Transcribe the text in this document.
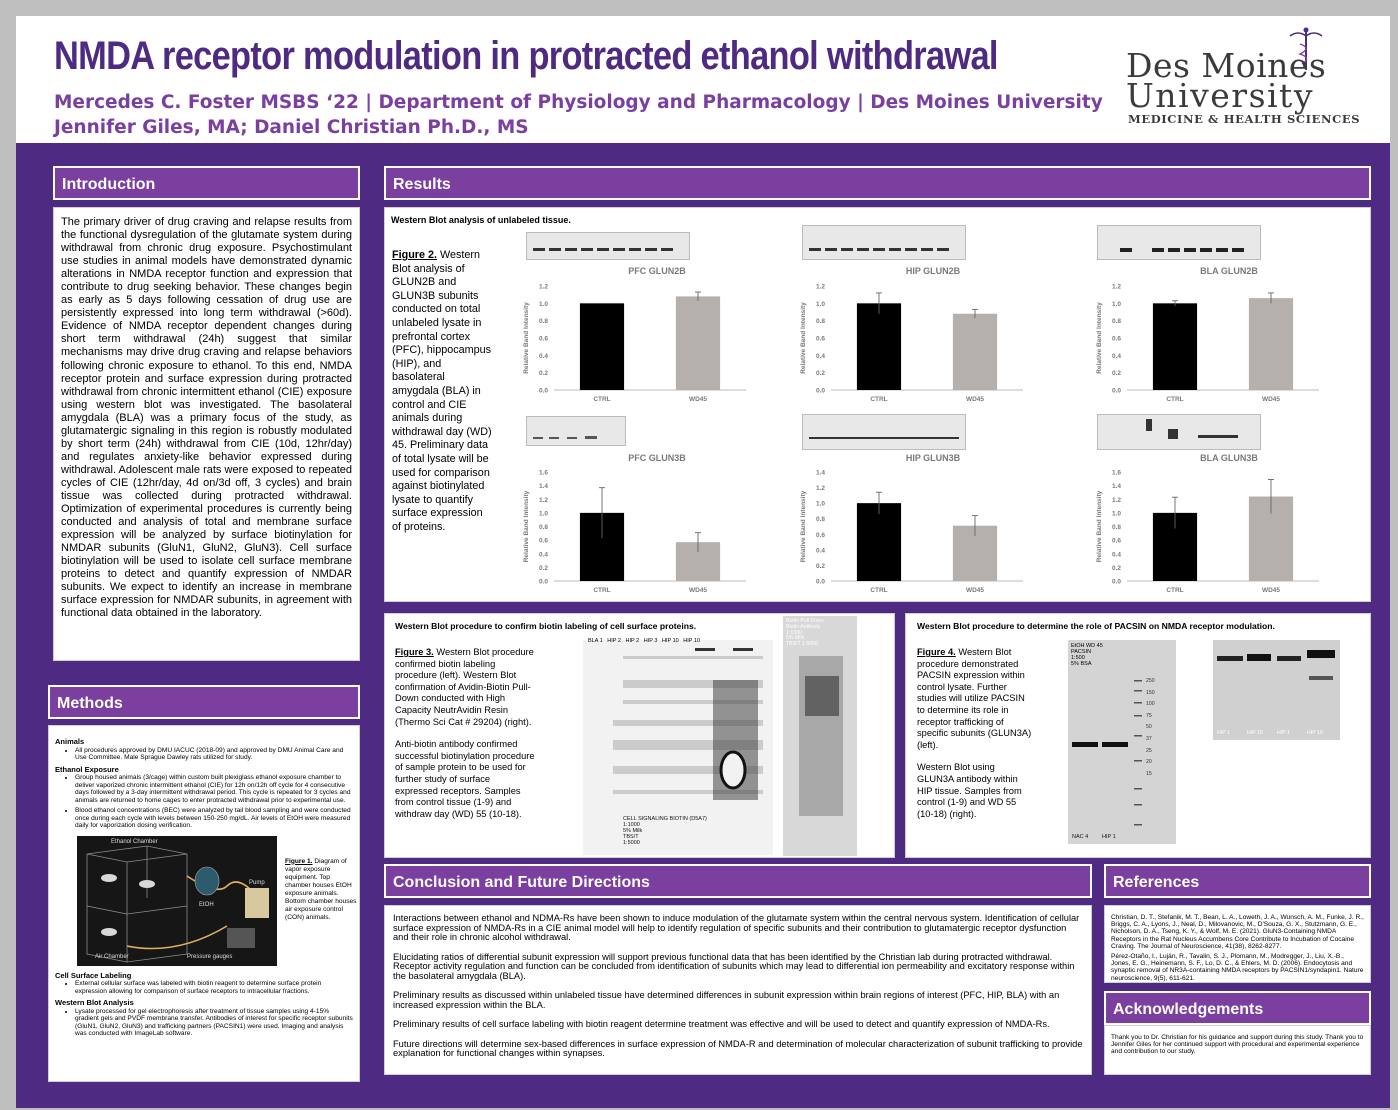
NMDA receptor modulation in protracted ethanol withdrawal
Mercedes C. Foster MSBS ‘22 | Department of Physiology and Pharmacology | Des Moines University
Jennifer Giles, MA; Daniel Christian Ph.D., MS
Des Moines
University
MEDICINE & HEALTH SCIENCES
Introduction
The primary driver of drug craving and relapse results from the functional dysregulation of the glutamate system during withdrawal from chronic drug exposure. Psychostimulant use studies in animal models have demonstrated dynamic alterations in NMDA receptor function and expression that contribute to drug seeking behavior. These changes begin as early as 5 days following cessation of drug use are persistently expressed into long term withdrawal (>60d). Evidence of NMDA receptor dependent changes during short term withdrawal (24h) suggest that similar mechanisms may drive drug craving and relapse behaviors following chronic exposure to ethanol. To this end, NMDA receptor protein and surface expression during protracted withdrawal from chronic intermittent ethanol (CIE) exposure using western blot was investigated. The basolateral amygdala (BLA) was a primary focus of the study, as glutamatergic signaling in this region is robustly modulated by short term (24h) withdrawal from CIE (10d, 12hr/day) and regulates anxiety-like behavior expressed during withdrawal. Adolescent male rats were exposed to repeated cycles of CIE (12hr/day, 4d on/3d off, 3 cycles) and brain tissue was collected during protracted withdrawal. Optimization of experimental procedures is currently being conducted and analysis of total and membrane surface expression will be analyzed by surface biotinylation for NMDAR subunits (GluN1, GluN2, GluN3). Cell surface biotinylation will be used to isolate cell surface membrane proteins to detect and quantify expression of NMDAR subunits. We expect to identify an increase in membrane surface expression for NMDAR subunits, in agreement with functional data obtained in the laboratory.
Methods
Animals
• All procedures approved by DMU IACUC (2018-09) and approved by DMU Animal Care and Use Committee. Male Sprague Dawley rats utilized for study.
Ethanol Exposure
• Group housed animals (3/cage) within custom built plexiglass ethanol exposure chamber to deliver vaporized chronic intermittent ethanol (CIE) for 12h on/12h off cycle for 4 consecutive days followed by a 3-day intermittent withdrawal period. This cycle is repeated for 3 cycles and animals are returned to home cages to enter protracted withdrawal prior to experimental use.
• Blood ethanol concentrations (BEC) were analyzed by tail blood sampling and were conducted once during each cycle with levels between 150-250 mg/dL. Air levels of EtOH were measured daily for vaporization dosing verification.
Ethanol Chamber
EtOH
Pump
Air Chamber	Pressure gauges
Figure 1. Diagram of vapor exposure equipment. Top chamber houses EtOH exposure animals. Bottom chamber houses air exposure control (CON) animals.
Cell Surface Labeling
• External cellular surface was labeled with biotin reagent to determine surface protein expression allowing for comparison of surface receptors to intracellular fractions.
Western Blot Analysis
• Lysate processed for gel electrophoresis after treatment of tissue samples using 4-15% gradient gels and PVDF membrane transfer. Antibodies of interest for specific receptor subunits (GluN1, GluN2, GluN3) and trafficking partners (PACSIN1) were used. Imaging and analysis was conducted with ImageLab software.
Results
Western Blot analysis of unlabeled tissue.
Figure 2. Western Blot analysis of GLUN2B and GLUN3B subunits conducted on total unlabeled lysate in prefrontal cortex (PFC), hippocampus (HIP), and basolateral amygdala (BLA) in control and CIE animals during withdrawal day (WD) 45. Preliminary data of total lysate will be used for comparison against biotinylated lysate to quantify surface expression of proteins.
PFC GLUN2B
Relative Band Intensity
0.0
0.2
0.4
0.6
0.8
1.0
1.2
CTRL	WD45
HIP GLUN2B
Relative Band Intensity
0.0
0.2
0.4
0.6
0.8
1.0
1.2
CTRL	WD45
BLA GLUN2B
Relative Band Intensity
0.0
0.2
0.4
0.6
0.8
1.0
1.2
CTRL	WD45
PFC GLUN3B
Relative Band Intensity
0.0
0.2
0.4
0.6
0.8
1.0
1.2
1.4
1.6
CTRL	WD45
HIP GLUN3B
Relative Band Intensity
0.0
0.2
0.4
0.6
0.8
1.0
1.2
1.4
CTRL	WD45
BLA GLUN3B
Relative Band Intensity
0.0
0.2
0.4
0.6
0.8
1.0
1.2
1.4
1.6
CTRL	WD45
Western Blot procedure to confirm biotin labeling of cell surface proteins.
Figure 3. Western Blot procedure confirmed biotin labeling procedure (left). Western Blot confirmation of Avidin-Biotin Pull-Down conducted with High Capacity NeutrAvidin Resin (Thermo Sci Cat # 29204) (right).
Anti-biotin antibody confirmed successful biotinylation procedure of sample protein to be used for further study of surface expressed receptors. Samples from control tissue (1-9) and withdraw day (WD) 55 (10-18).
BLA 1   HIP 2   HIP 2   HIP 3   HIP 10   HIP 10
CELL SIGNALING BIOTIN (D5A7)
1:1000
5% Milk
TBS/T
1:5000
Biotin Pull Down
Biotin Antibody
1:1000
5% Milk
TBS/T 1:5000
Western Blot procedure to determine the role of PACSIN on NMDA receptor modulation.
Figure 4. Western Blot procedure demonstrated PACSIN expression within control lysate. Further studies will utilize PACSIN to determine its role in receptor trafficking of specific subunits (GLUN3A) (left).
Western Blot using GLUN3A antibody within HIP tissue. Samples from control (1-9) and WD 55 (10-18) (right).
EtOH WD 45
PACSIN
1:500
5% BSA
250
150
100
75
50
37
25
20
15
NAC 4	HIP 1
HIP 1	HIP 10	HIP 1	HIP 10
Conclusion and Future Directions

Interactions between ethanol and NDMA-Rs have been shown to induce modulation of the glutamate system within the central nervous system. Identification of cellular surface expression of NMDA-Rs in a CIE animal model will help to identify regulation of specific subunits and their contribution to glutamatergic receptor dysfunction and their role in chronic alcohol withdrawal.

Elucidating ratios of differential subunit expression will support previous functional data that has been identified by the Christian lab during protracted withdrawal. Receptor activity regulation and function can be concluded from identification of subunits which may lead to differential ion permeability and excitatory response within the basolateral amygdala (BLA).

Preliminary results as discussed within unlabeled tissue have determined differences in subunit expression within brain regions of interest (PFC, HIP, BLA) with an increased expression within the BLA.

Preliminary results of cell surface labeling with biotin reagent determine treatment was effective and will be used to detect and quantify expression of NMDA-Rs.

Future directions will determine sex-based differences in surface expression of NMDA-R and determination of molecular characterization of subunit trafficking to provide explanation for functional changes within synapses.

References

Christian, D. T., Stefanik, M. T., Bean, L. A., Loweth, J. A., Wunsch, A. M., Funke, J. R., Briggs, C. A., Lyons, J., Neal, D., Milovanovic, M., D'Souza, G. X., Stutzmann, G. E., Nicholson, D. A., Tseng, K. Y., & Wolf, M. E. (2021). GluN3-Containing NMDA Receptors in the Rat Nucleus Accumbens Core Contribute to Incubation of Cocaine Craving. The Journal of Neuroscience, 41(38), 8262-8277.

Pérez-Otaño, I., Luján, R., Tavalin, S. J., Plomann, M., Modregger, J., Liu, X.-B., Jones, E. G., Heinemann, S. F., Lo, D. C., & Ehlers, M. D. (2006). Endocytosis and synaptic removal of NR3A-containing NMDA receptors by PACSIN1/syndapin1. Nature neuroscience, 9(5), 611-621.

Acknowledgements
Thank you to Dr. Christian for his guidance and support during this study. Thank you to Jennifer Giles for her continued support with procedural and experimental experience and contribution to our study.
